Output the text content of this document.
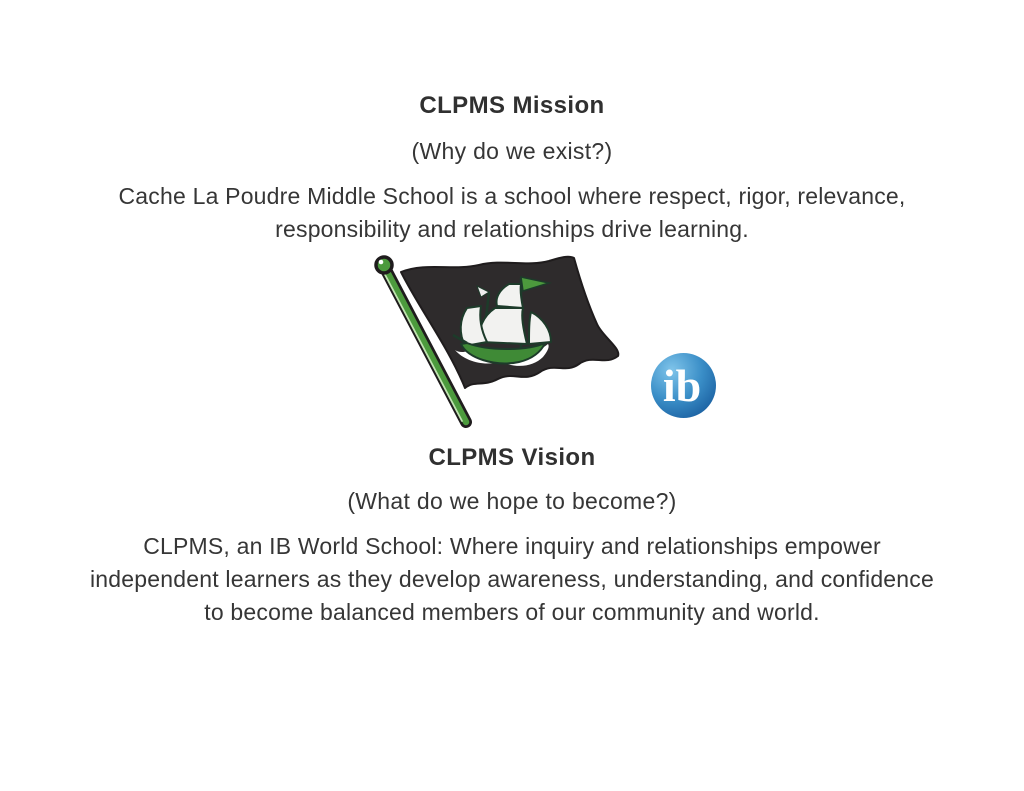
CLPMS Mission
(Why do we exist?)
Cache La Poudre Middle School is a school where respect, rigor, relevance, responsibility and relationships drive learning.
ib
CLPMS Vision
(What do we hope to become?)
CLPMS, an IB World School: Where inquiry and relationships empower independent learners as they develop awareness, understanding, and confidence to become balanced members of our community and world.
